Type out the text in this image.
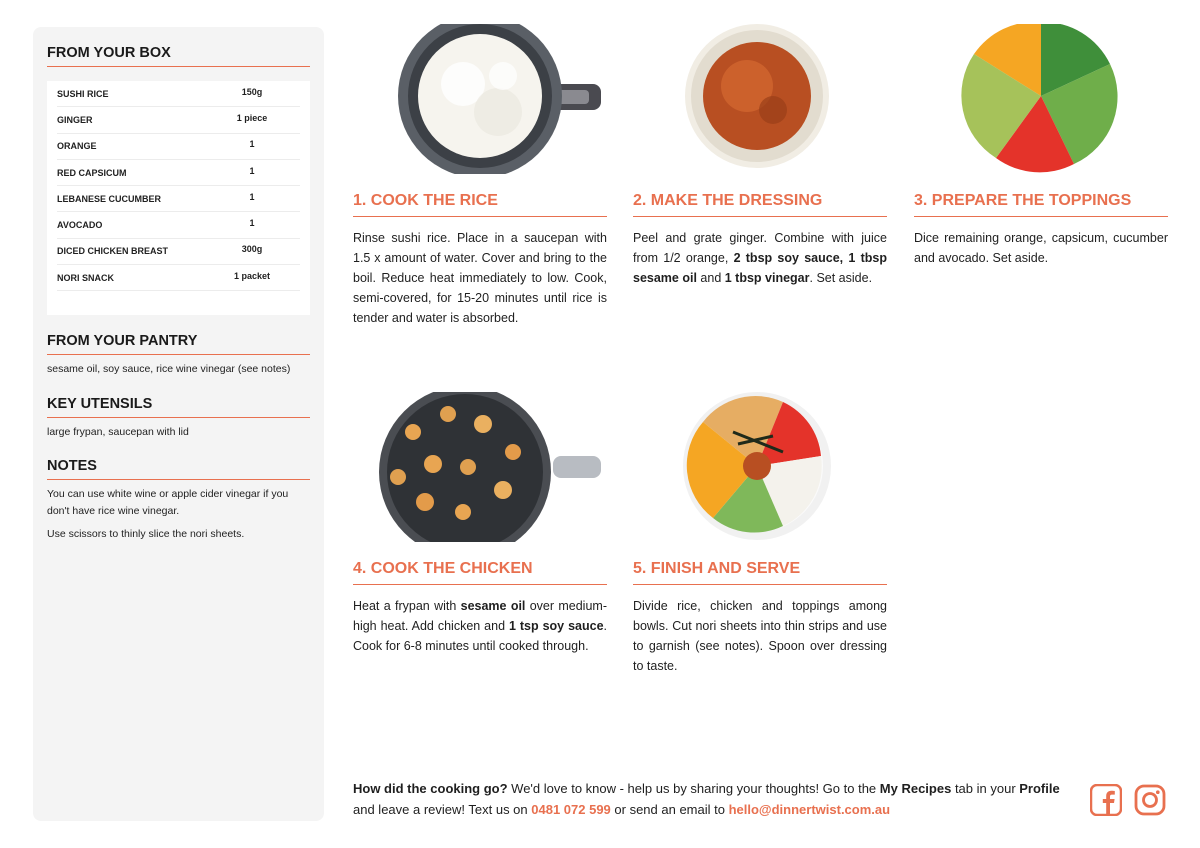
FROM YOUR BOX
SUSHI RICE	150g
GINGER	1 piece
ORANGE	1
RED CAPSICUM	1
LEBANESE CUCUMBER	1
AVOCADO	1
DICED CHICKEN BREAST	300g
NORI SNACK	1 packet
FROM YOUR PANTRY

sesame oil, soy sauce, rice wine vinegar (see notes)

KEY UTENSILS

large frypan, saucepan with lid

NOTES

You can use white wine or apple cider vinegar if you don't have rice wine vinegar.

Use scissors to thinly slice the nori sheets.

1. COOK THE RICE

Rinse sushi rice. Place in a saucepan with 1.5 x amount of water. Cover and bring to the boil. Reduce heat immediately to low. Cook, semi-covered, for 15-20 minutes until rice is tender and water is absorbed.

2. MAKE THE DRESSING

Peel and grate ginger. Combine with juice from 1/2 orange, 2 tbsp soy sauce, 1 tbsp sesame oil and 1 tbsp vinegar. Set aside.

3. PREPARE THE TOPPINGS

Dice remaining orange, capsicum, cucumber and avocado. Set aside.

4. COOK THE CHICKEN

Heat a frypan with sesame oil over medium-high heat. Add chicken and 1 tsp soy sauce. Cook for 6-8 minutes until cooked through.

5. FINISH AND SERVE

Divide rice, chicken and toppings among bowls. Cut nori sheets into thin strips and use to garnish (see notes). Spoon over dressing to taste.

How did the cooking go? We'd love to know - help us by sharing your thoughts! Go to the My Recipes tab in your Profile and leave a review! Text us on 0481 072 599 or send an email to hello@dinnertwist.com.au
